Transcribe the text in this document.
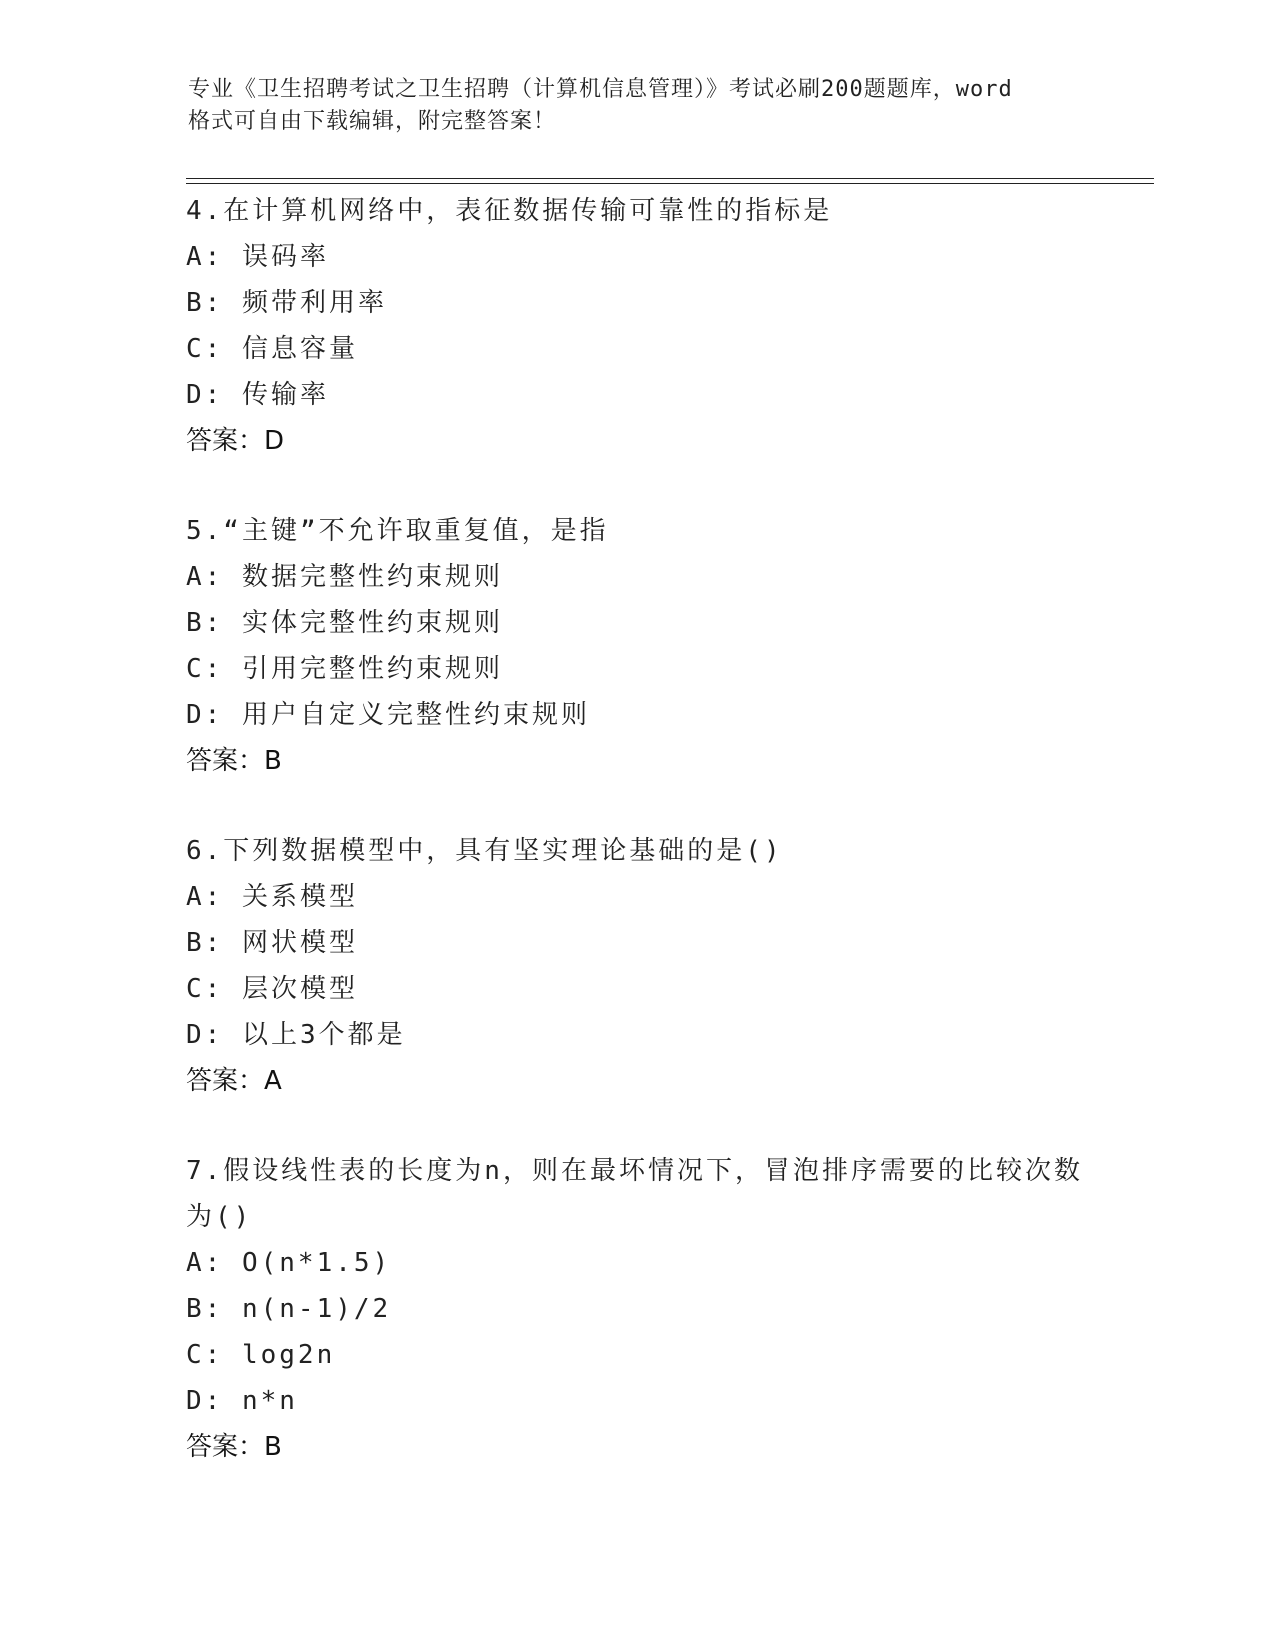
专业《卫生招聘考试之卫生招聘（计算机信息管理）》考试必刷200题题库，word
格式可自由下载编辑，附完整答案！
4.在计算机网络中，表征数据传输可靠性的指标是
A: 误码率
B: 频带利用率
C: 信息容量
D: 传输率
答案：D
5.“主键”不允许取重复值，是指
A: 数据完整性约束规则
B: 实体完整性约束规则
C: 引用完整性约束规则
D: 用户自定义完整性约束规则
答案：B
6.下列数据模型中，具有坚实理论基础的是()
A: 关系模型
B: 网状模型
C: 层次模型
D: 以上3个都是
答案：A
7.假设线性表的长度为n，则在最坏情况下，冒泡排序需要的比较次数为()
A: O(n*1.5)
B: n(n-1)/2
C: log2n
D: n*n
答案：B
